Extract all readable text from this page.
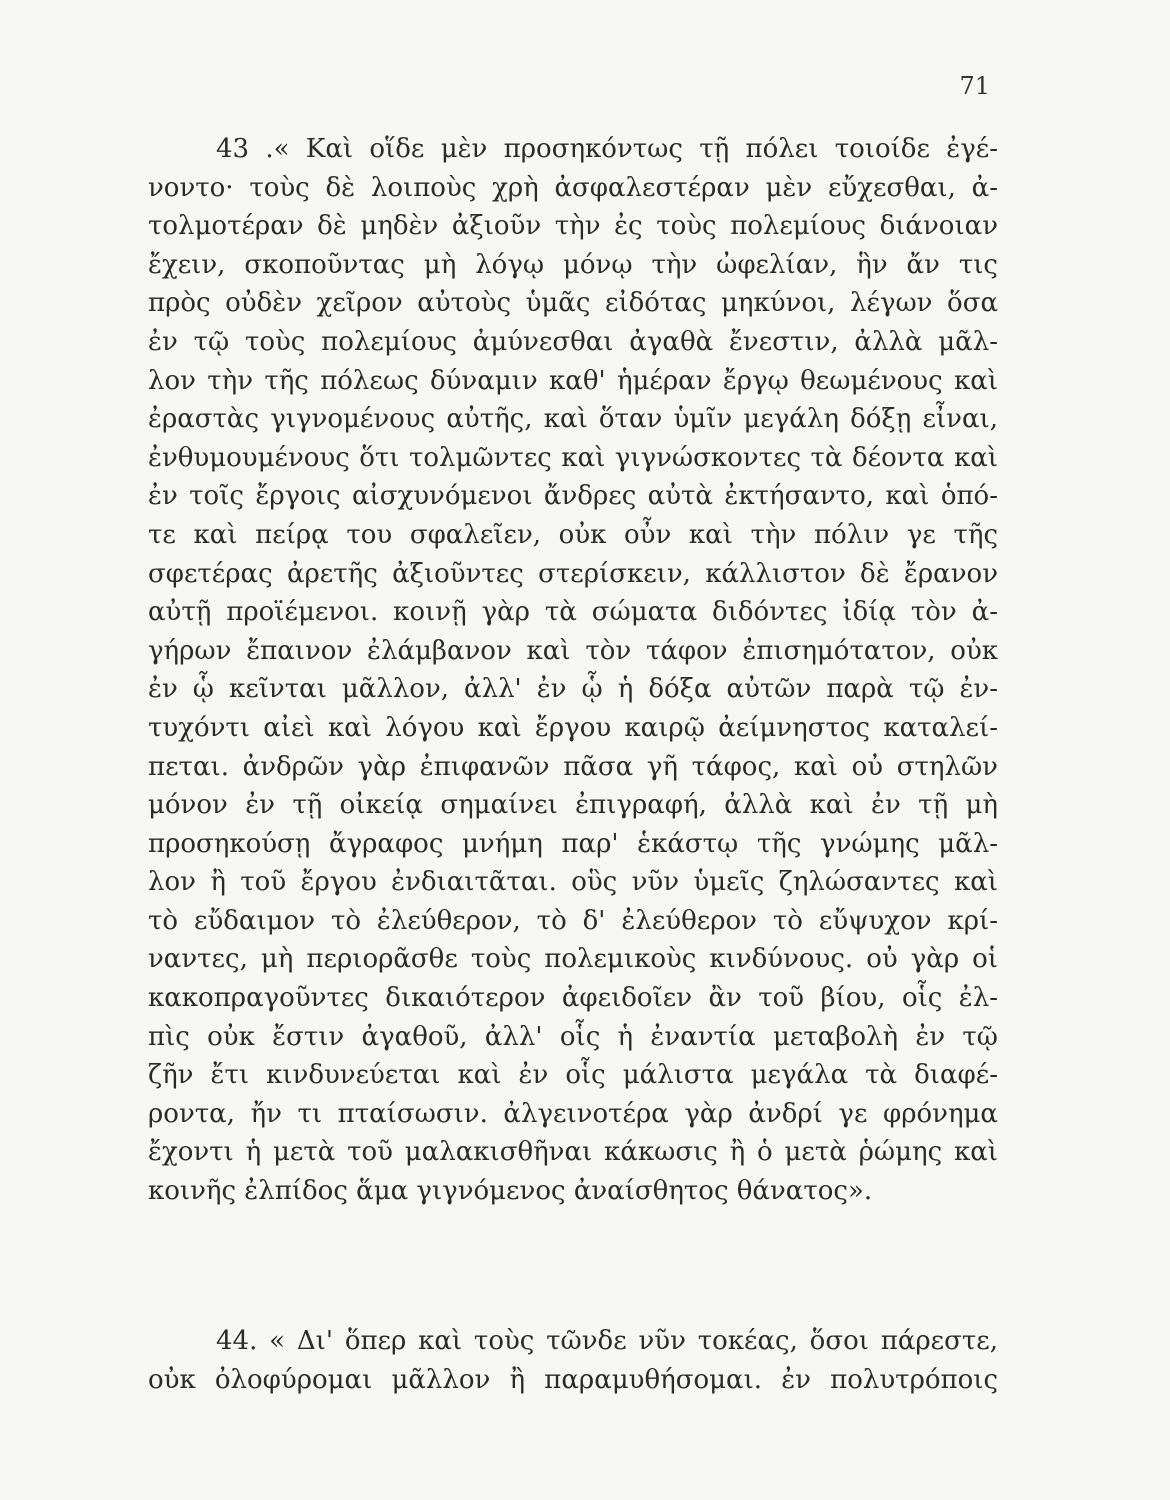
71
43 .« Καὶ οἵδε μὲν προσηκόντως τῇ πόλει τοιοίδε ἐγέ-
νοντο· τοὺς δὲ λοιποὺς χρὴ ἀσφαλεστέραν μὲν εὔχεσθαι, ἀ-
τολμοτέραν δὲ μηδὲν ἀξιοῦν τὴν ἐς τοὺς πολεμίους διάνοιαν
ἔχειν, σκοποῦντας μὴ λόγῳ μόνῳ τὴν ὠφελίαν, ἣν ἄν τις
πρὸς οὐδὲν χεῖρον αὐτοὺς ὑμᾶς εἰδότας μηκύνοι, λέγων ὅσα
ἐν τῷ τοὺς πολεμίους ἀμύνεσθαι ἀγαθὰ ἔνεστιν, ἀλλὰ μᾶλ-
λον τὴν τῆς πόλεως δύναμιν καθ' ἡμέραν ἔργῳ θεωμένους καὶ
ἐραστὰς γιγνομένους αὐτῆς, καὶ ὅταν ὑμῖν μεγάλη δόξῃ εἶναι,
ἐνθυμουμένους ὅτι τολμῶντες καὶ γιγνώσκοντες τὰ δέοντα καὶ
ἐν τοῖς ἔργοις αἰσχυνόμενοι ἄνδρες αὐτὰ ἐκτήσαντο, καὶ ὁπό-
τε καὶ πείρᾳ του σφαλεῖεν, οὐκ οὖν καὶ τὴν πόλιν γε τῆς
σφετέρας ἀρετῆς ἀξιοῦντες στερίσκειν, κάλλιστον δὲ ἔρανον
αὐτῇ προϊέμενοι. κοινῇ γὰρ τὰ σώματα διδόντες ἰδίᾳ τὸν ἀ-
γήρων ἔπαινον ἐλάμβανον καὶ τὸν τάφον ἐπισημότατον, οὐκ
ἐν ᾧ κεῖνται μᾶλλον, ἀλλ' ἐν ᾧ ἡ δόξα αὐτῶν παρὰ τῷ ἐν-
τυχόντι αἰεὶ καὶ λόγου καὶ ἔργου καιρῷ ἀείμνηστος καταλεί-
πεται. ἀνδρῶν γὰρ ἐπιφανῶν πᾶσα γῆ τάφος, καὶ οὐ στηλῶν
μόνον ἐν τῇ οἰκείᾳ σημαίνει ἐπιγραφή, ἀλλὰ καὶ ἐν τῇ μὴ
προσηκούσῃ ἄγραφος μνήμη παρ' ἑκάστῳ τῆς γνώμης μᾶλ-
λον ἢ τοῦ ἔργου ἐνδιαιτᾶται. οὓς νῦν ὑμεῖς ζηλώσαντες καὶ
τὸ εὔδαιμον τὸ ἐλεύθερον, τὸ δ' ἐλεύθερον τὸ εὔψυχον κρί-
ναντες, μὴ περιορᾶσθε τοὺς πολεμικοὺς κινδύνους. οὐ γὰρ οἱ
κακοπραγοῦντες δικαιότερον ἀφειδοῖεν ἂν τοῦ βίου, οἷς ἐλ-
πὶς οὐκ ἔστιν ἀγαθοῦ, ἀλλ' οἷς ἡ ἐναντία μεταβολὴ ἐν τῷ
ζῆν ἔτι κινδυνεύεται καὶ ἐν οἷς μάλιστα μεγάλα τὰ διαφέ-
ροντα, ἤν τι πταίσωσιν. ἀλγεινοτέρα γὰρ ἀνδρί γε φρόνημα
ἔχοντι ἡ μετὰ τοῦ μαλακισθῆναι κάκωσις ἢ ὁ μετὰ ῥώμης καὶ
κοινῆς ἐλπίδος ἅμα γιγνόμενος ἀναίσθητος θάνατος».
44. « Δι' ὅπερ καὶ τοὺς τῶνδε νῦν τοκέας, ὅσοι πάρεστε,
οὐκ ὀλοφύρομαι μᾶλλον ἢ παραμυθήσομαι. ἐν πολυτρόποις
